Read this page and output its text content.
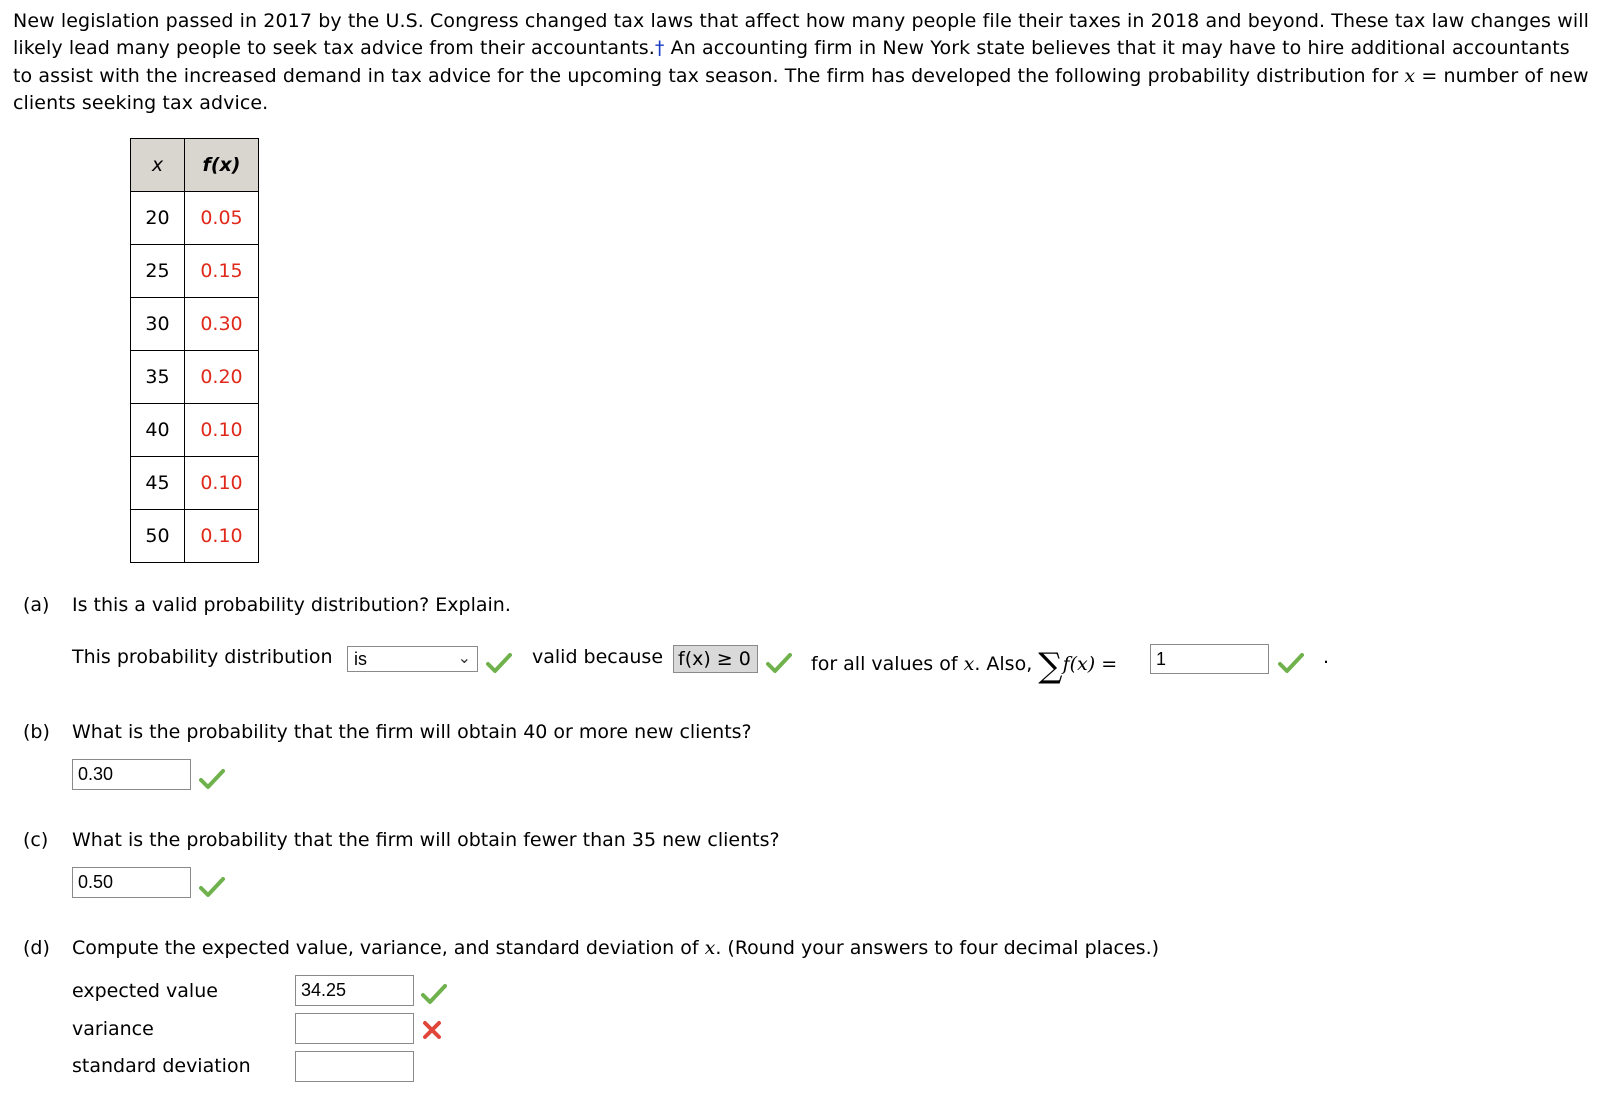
New legislation passed in 2017 by the U.S. Congress changed tax laws that affect how many people file their taxes in 2018 and beyond. These tax law changes will likely lead many people to seek tax advice from their accountants.† An accounting firm in New York state believes that it may have to hire additional accountants to assist with the increased demand in tax advice for the upcoming tax season. The firm has developed the following probability distribution for x = number of new clients seeking tax advice.
x	f(x)
20	0.05
25	0.15
30	0.30
35	0.20
40	0.10
45	0.10
50	0.10
(a) Is this a valid probability distribution? Explain.
This probability distribution	is	⌄	valid because f(x) ≥ 0	for all values of x. Also, ∑f(x) =	1	.
(b) What is the probability that the firm will obtain 40 or more new clients?
0.30
(c) What is the probability that the firm will obtain fewer than 35 new clients?
0.50
(d) Compute the expected value, variance, and standard deviation of x. (Round your answers to four decimal places.)
expected value	34.25
variance
standard deviation
